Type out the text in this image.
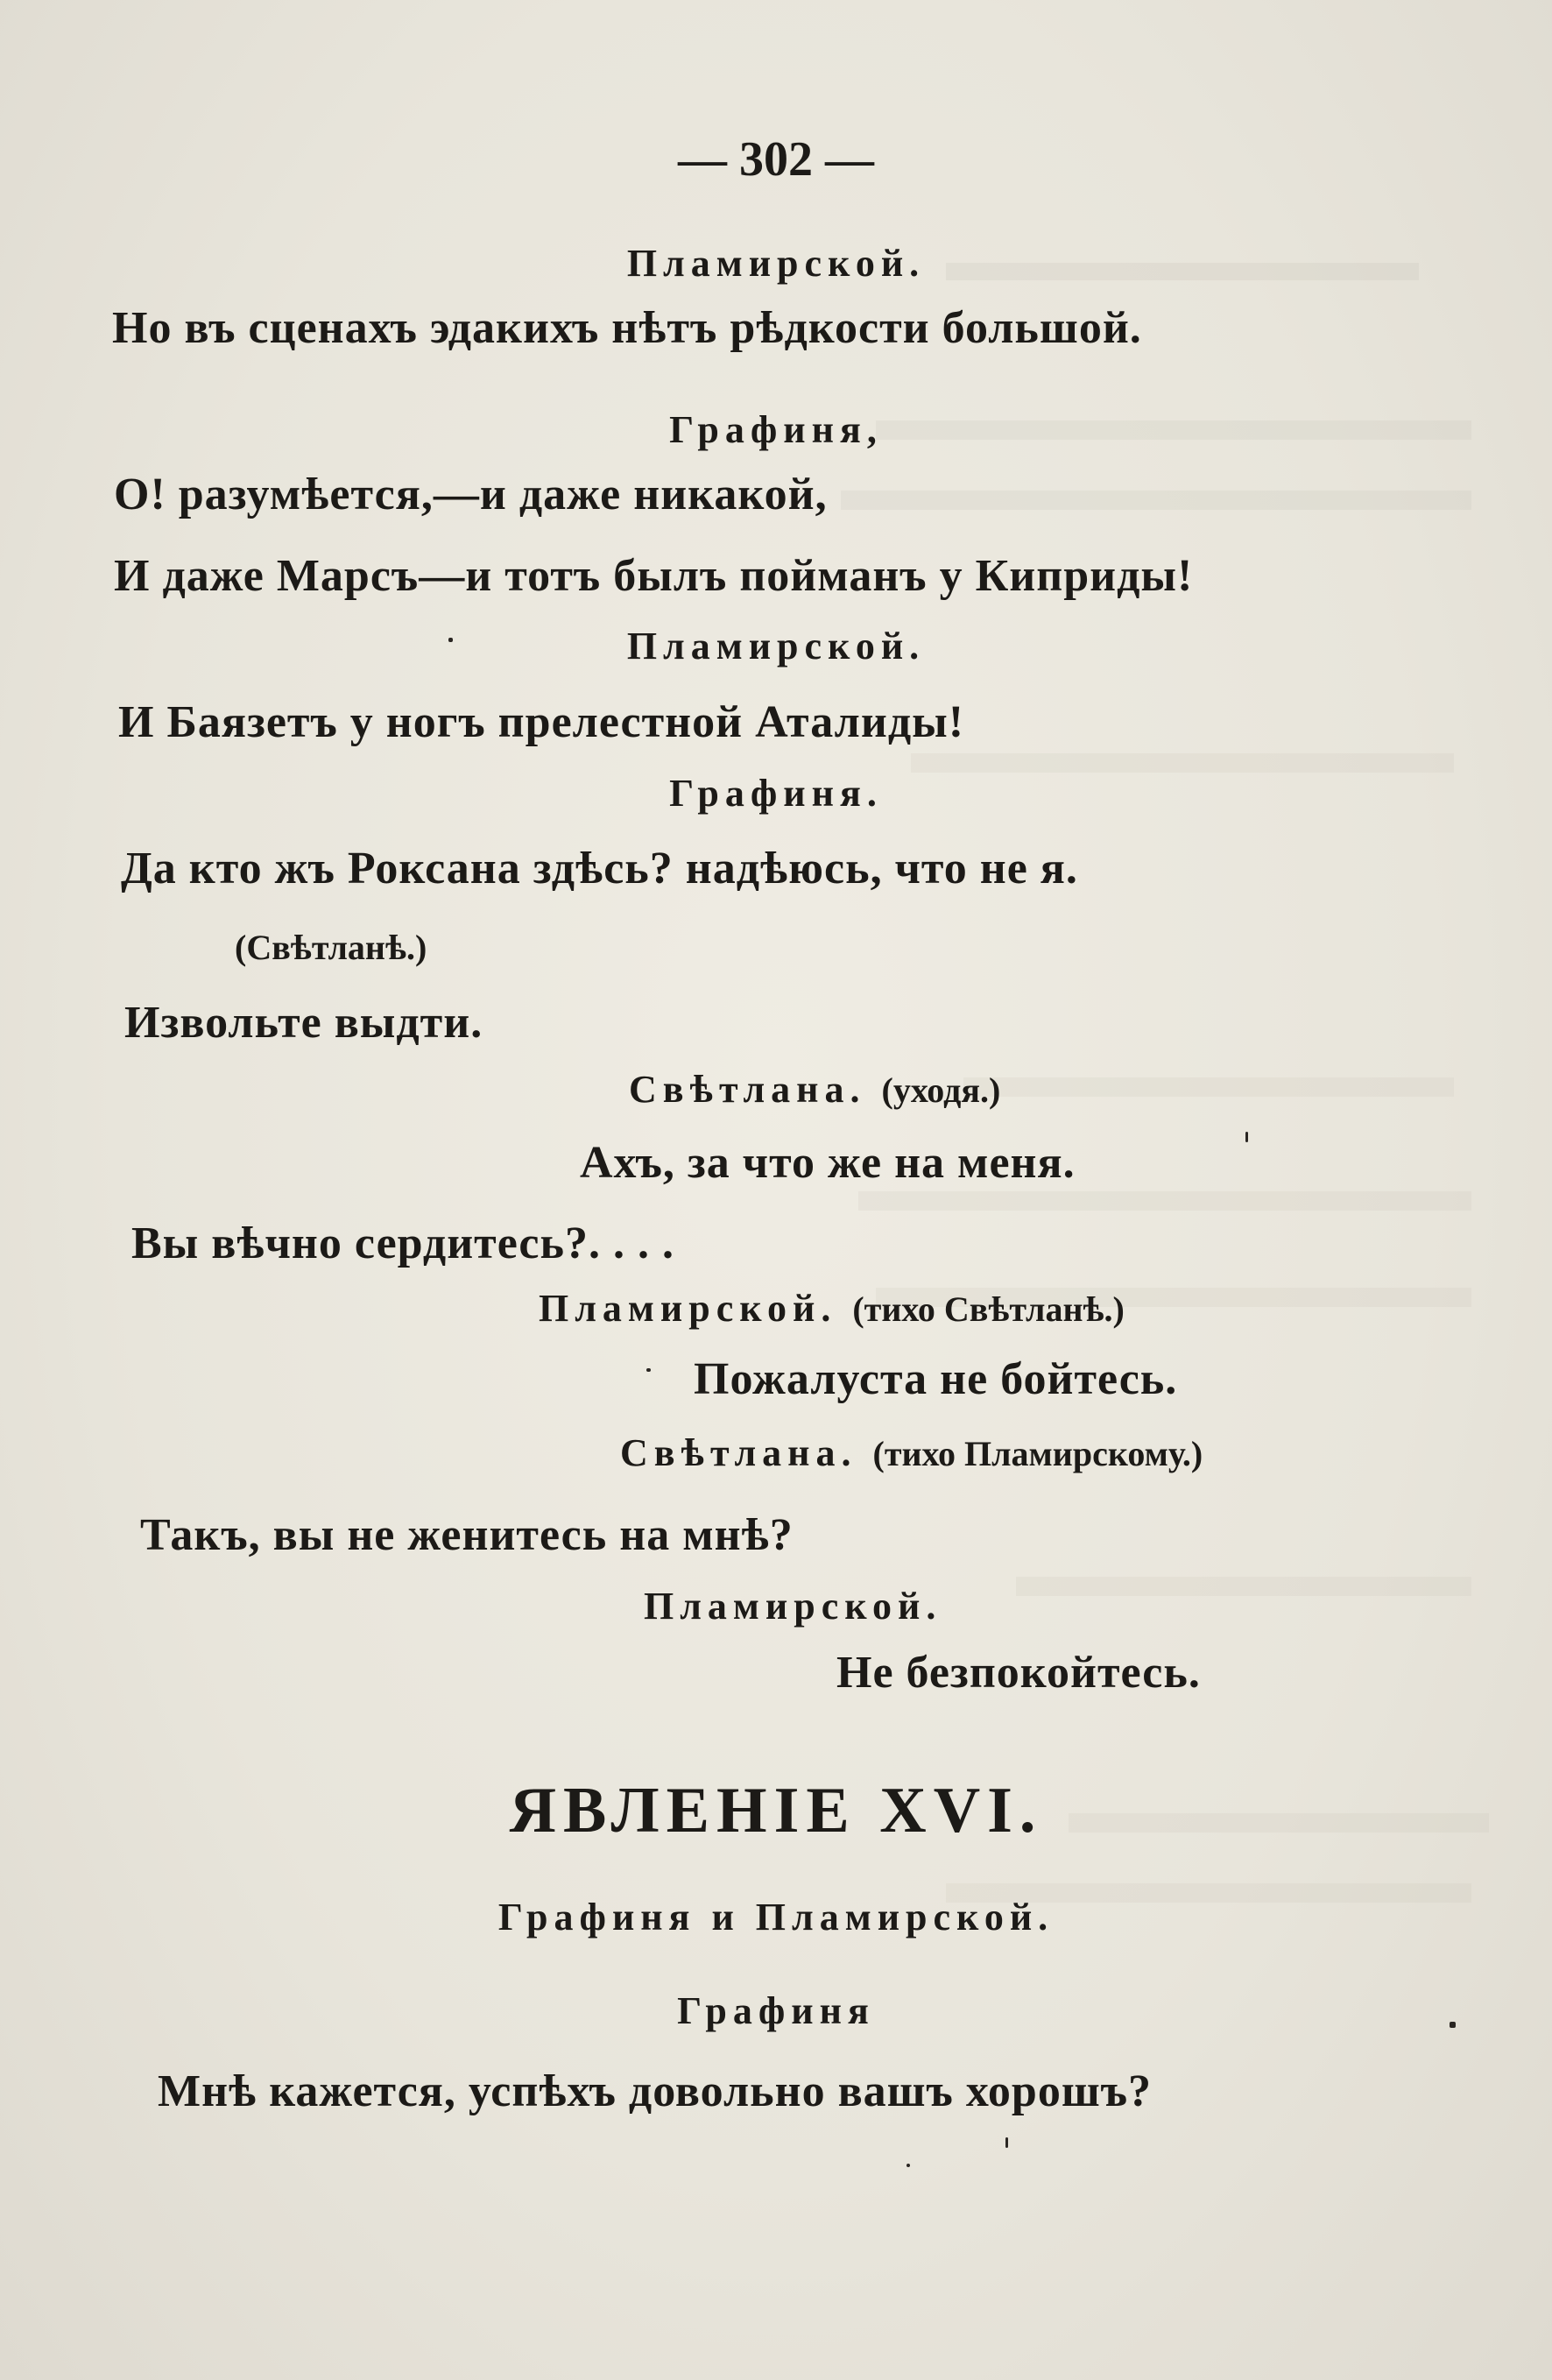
— 302 —
Пламирской.
Но въ сценахъ эдакихъ нѣтъ рѣдкости большой.
Графиня,
О! разумѣется,—и даже никакой,
И даже Марсъ—и тотъ былъ пойманъ у Киприды!
Пламирской.
И Баязетъ у ногъ прелестной Аталиды!
Графиня.
Да кто жъ Роксана здѣсь? надѣюсь, что не я.
(Свѣтланѣ.)
Извольте выдти.
Свѣтлана. (уходя.)
Ахъ, за что же на меня.
Вы вѣчно сердитесь?. . . .
Пламирской. (тихо Свѣтланѣ.)
Пожалуста не бойтесь.
Свѣтлана. (тихо Пламирскому.)
Такъ, вы не женитесь на мнѣ?
Пламирской.
Не безпокойтесь.
ЯВЛЕНІЕ XVI.
Графиня и Пламирской.
Графиня
Мнѣ кажется, успѣхъ довольно вашъ хорошъ?
